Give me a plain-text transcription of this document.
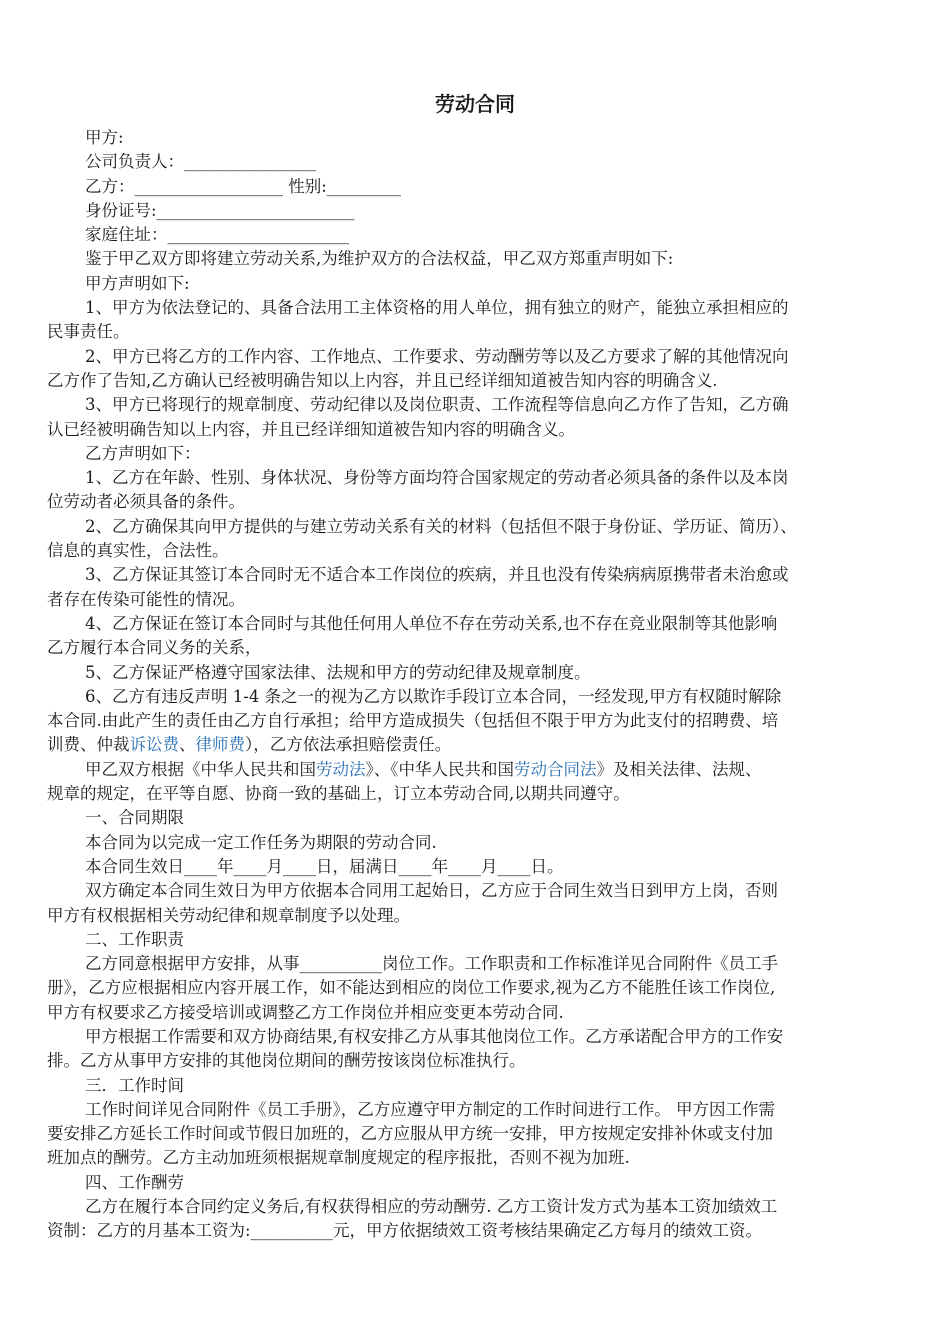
劳动合同
甲方:
公司负责人：________________
乙方：__________________ 性别:_________
身份证号:________________________
家庭住址：______________________
鉴于甲乙双方即将建立劳动关系,为维护双方的合法权益，甲乙双方郑重声明如下:
甲方声明如下:
1、甲方为依法登记的、具备合法用工主体资格的用人单位，拥有独立的财产，能独立承担相应的
民事责任。
2、甲方已将乙方的工作内容、工作地点、工作要求、劳动酬劳等以及乙方要求了解的其他情况向
乙方作了告知,乙方确认已经被明确告知以上内容，并且已经详细知道被告知内容的明确含义.
3、甲方已将现行的规章制度、劳动纪律以及岗位职责、工作流程等信息向乙方作了告知，乙方确
认已经被明确告知以上内容，并且已经详细知道被告知内容的明确含义。
乙方声明如下：
1、乙方在年龄、性别、身体状况、身份等方面均符合国家规定的劳动者必须具备的条件以及本岗
位劳动者必须具备的条件。
2、乙方确保其向甲方提供的与建立劳动关系有关的材料（包括但不限于身份证、学历证、简历）、
信息的真实性，合法性。
3、乙方保证其签订本合同时无不适合本工作岗位的疾病，并且也没有传染病病原携带者未治愈或
者存在传染可能性的情况。
4、乙方保证在签订本合同时与其他任何用人单位不存在劳动关系,也不存在竞业限制等其他影响
乙方履行本合同义务的关系，
5、乙方保证严格遵守国家法律、法规和甲方的劳动纪律及规章制度。
6、乙方有违反声明 1-4 条之一的视为乙方以欺诈手段订立本合同，一经发现,甲方有权随时解除
本合同.由此产生的责任由乙方自行承担；给甲方造成损失（包括但不限于甲方为此支付的招聘费、培
训费、仲裁诉讼费、律师费），乙方依法承担赔偿责任。
甲乙双方根据《中华人民共和国劳动法》、《中华人民共和国劳动合同法》及相关法律、法规、
规章的规定，在平等自愿、协商一致的基础上，订立本劳动合同,以期共同遵守。
一、合同期限
本合同为以完成一定工作任务为期限的劳动合同.
本合同生效日____年____月____日，届满日____年____月____日。
双方确定本合同生效日为甲方依据本合同用工起始日，乙方应于合同生效当日到甲方上岗，否则
甲方有权根据相关劳动纪律和规章制度予以处理。
二、工作职责
乙方同意根据甲方安排，从事__________岗位工作。工作职责和工作标准详见合同附件《员工手
册》，乙方应根据相应内容开展工作，如不能达到相应的岗位工作要求,视为乙方不能胜任该工作岗位,
甲方有权要求乙方接受培训或调整乙方工作岗位并相应变更本劳动合同.
甲方根据工作需要和双方协商结果,有权安排乙方从事其他岗位工作。乙方承诺配合甲方的工作安
排。乙方从事甲方安排的其他岗位期间的酬劳按该岗位标准执行。
三．工作时间
工作时间详见合同附件《员工手册》，乙方应遵守甲方制定的工作时间进行工作。 甲方因工作需
要安排乙方延长工作时间或节假日加班的，乙方应服从甲方统一安排，甲方按规定安排补休或支付加
班加点的酬劳。乙方主动加班须根据规章制度规定的程序报批，否则不视为加班.
四、工作酬劳
乙方在履行本合同约定义务后,有权获得相应的劳动酬劳. 乙方工资计发方式为基本工资加绩效工
资制：乙方的月基本工资为:__________元，甲方依据绩效工资考核结果确定乙方每月的绩效工资。
